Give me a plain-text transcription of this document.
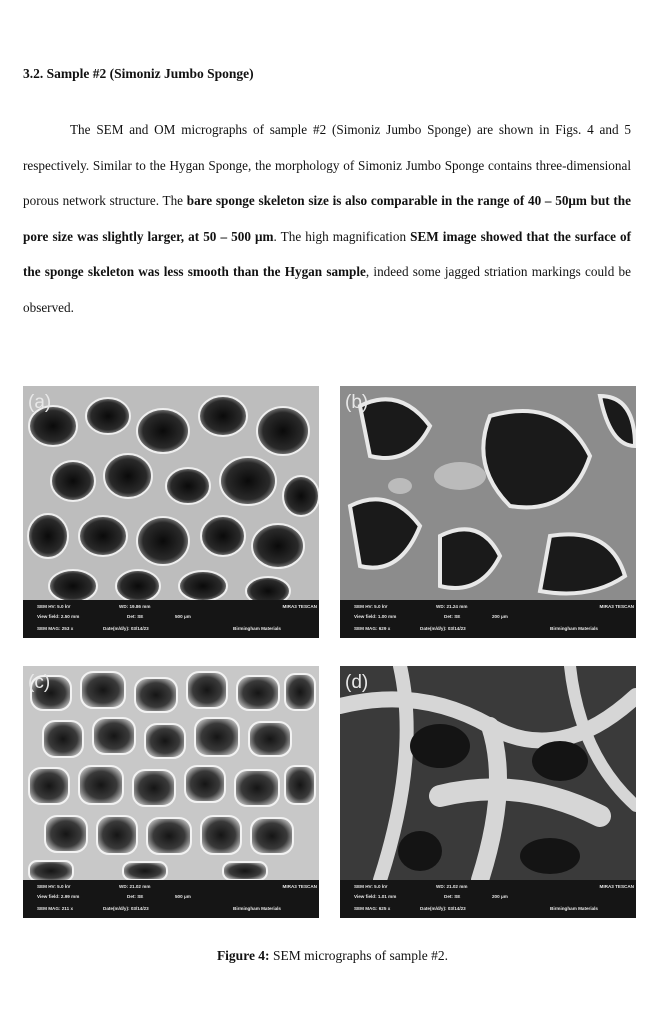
3.2. Sample #2 (Simoniz Jumbo Sponge)
The SEM and OM micrographs of sample #2 (Simoniz Jumbo Sponge) are shown in Figs. 4 and 5 respectively. Similar to the Hygan Sponge, the morphology of Simoniz Jumbo Sponge contains three-dimensional porous network structure. The bare sponge skeleton size is also comparable in the range of 40 – 50μm but the pore size was slightly larger, at 50 – 500 μm. The high magnification SEM image showed that the surface of the sponge skeleton was less smooth than the Hygan sample, indeed some jagged striation markings could be observed.
(a)
SEM HV: 5.0 kV	WD: 19.86 mm	MIRA3 TESCAN
View field: 2.50 mm	Det: SE	500 μm
SEM MAG: 253 x	Date(m/d/y): 03/14/23	Birmingham Materials
(b)
SEM HV: 5.0 kV	WD: 21.24 mm	MIRA3 TESCAN
View field: 1.00 mm	Det: SE	200 μm
SEM MAG: 629 x	Date(m/d/y): 03/14/23	Birmingham Materials
(c)
SEM HV: 5.0 kV	WD: 21.02 mm	MIRA3 TESCAN
View field: 2.99 mm	Det: SE	500 μm
SEM MAG: 211 x	Date(m/d/y): 03/14/23	Birmingham Materials
(d)
SEM HV: 5.0 kV	WD: 21.02 mm	MIRA3 TESCAN
View field: 1.01 mm	Det: SE	200 μm
SEM MAG: 625 x	Date(m/d/y): 03/14/23	Birmingham Materials
Figure 4: SEM micrographs of sample #2.
